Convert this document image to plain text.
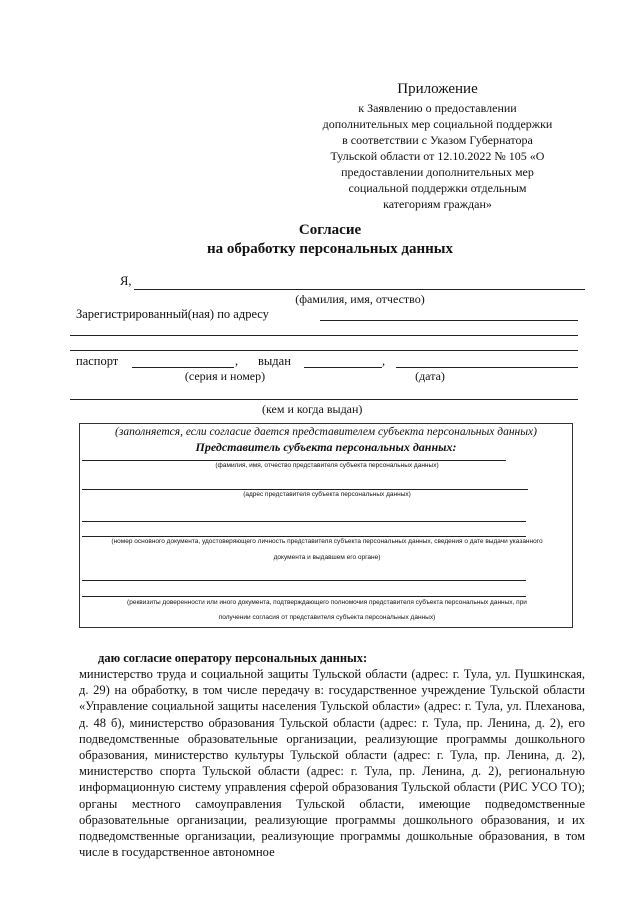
Приложение
к Заявлению о предоставлении
дополнительных мер социальной поддержки
в соответствии с Указом Губернатора
Тульской области от 12.10.2022 № 105 «О
предоставлении дополнительных мер
социальной поддержки отдельным
категориям граждан»
Согласие
на обработку персональных данных
Я,
(фамилия, имя, отчество)
Зарегистрированный(ная) по адресу
паспорт	, выдан	,
(серия и номер)	(дата)
(кем и когда выдан)
(заполняется, если согласие дается представителем субъекта персональных данных)
Представитель субъекта персональных данных:
(фамилия, имя, отчество представителя субъекта персональных данных)
(адрес представителя субъекта персональных данных)
(номер основного документа, удостоверяющего личность представителя субъекта персональных данных, сведения о дате выдачи указанного
документа и выдавшем его органе)
(реквизиты доверенности или иного документа, подтверждающего полномочия представителя субъекта персональных данных, при
получении согласия от представителя субъекта персональных данных)
даю согласие оператору персональных данных:
министерство труда и социальной защиты Тульской области (адрес: г. Тула, ул. Пушкинская, д. 29) на обработку, в том числе передачу в: государственное учреждение Тульской области «Управление социальной защиты населения Тульской области» (адрес: г. Тула, ул. Плеханова, д. 48 б), министерство образования Тульской области (адрес: г. Тула, пр. Ленина, д. 2), его подведомственные образовательные организации, реализующие программы дошкольного образования, министерство культуры Тульской области (адрес: г. Тула, пр. Ленина, д. 2), министерство спорта Тульской области (адрес: г. Тула, пр. Ленина, д. 2), региональную информационную систему управления сферой образования Тульской области (РИС УСО ТО); органы местного самоуправления Тульской области, имеющие подведомственные образовательные организации, реализующие программы дошкольного образования, и их подведомственные организации, реализующие программы дошкольные образования, в том числе в государственное автономное
